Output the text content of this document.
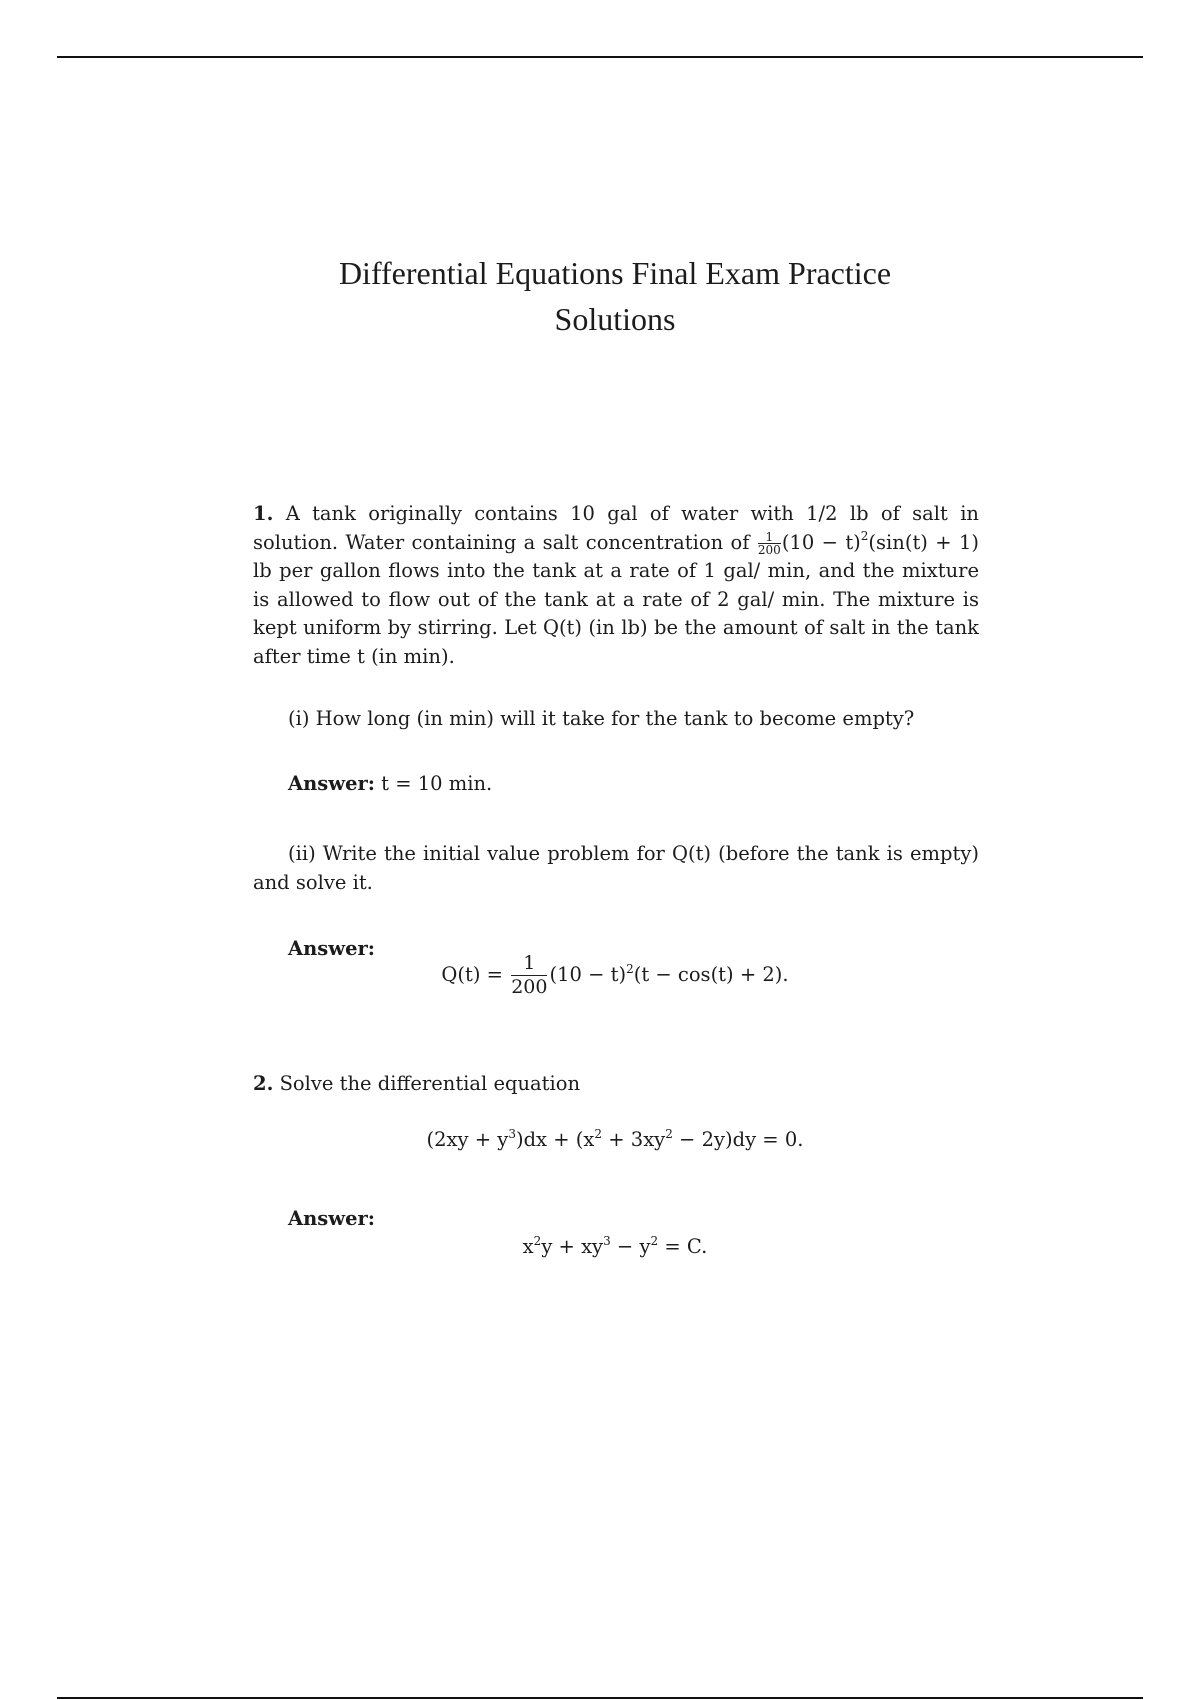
Differential Equations Final Exam Practice
Solutions
1. A tank originally contains 10 gal of water with 1/2 lb of salt in solution. Water containing a salt concentration of $\frac{1}{200} (10 - t)^2(\sin(t) + 1)$ lb per gallon flows into the tank at a rate of 1 gal/ min, and the mixture is allowed to flow out of the tank at a rate of 2 gal/ min. The mixture is kept uniform by stirring. Let Q(t) (in lb) be the amount of salt in the tank after time t (in min).
(i) How long (in min) will it take for the tank to become empty?
Answer: t = 10 min.
(ii) Write the initial value problem for Q(t) (before the tank is empty) and solve it.
Answer:
$Q(t) = \frac{1}{200} (10 - t)^2(t - \cos(t) + 2)$.
2. Solve the differential equation
$(2xy + y^3)dx + (x^2 + 3xy^2 - 2y)dy = 0$.
Answer:
$x^2y + xy^3 - y^2 = C$.
